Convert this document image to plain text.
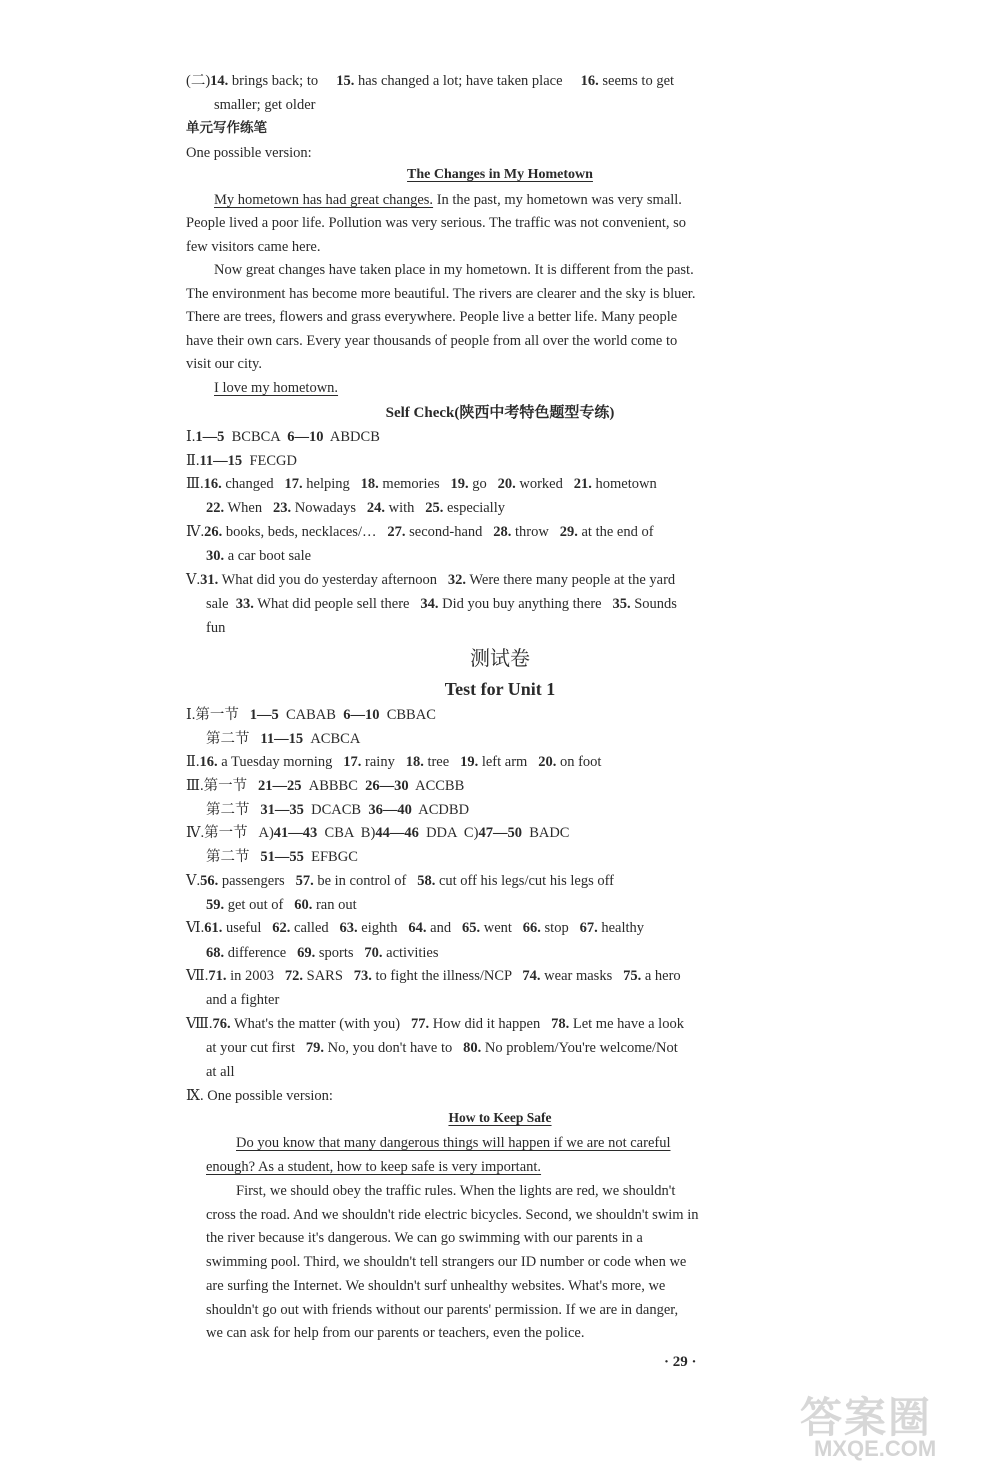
(二)14. brings back; to     15. has changed a lot; have taken place     16. seems to get
smaller; get older
单元写作练笔
One possible version:
The Changes in My Hometown
My hometown has had great changes. In the past, my hometown was very small.
People lived a poor life. Pollution was very serious. The traffic was not convenient, so
few visitors came here.
Now great changes have taken place in my hometown. It is different from the past.
The environment has become more beautiful. The rivers are clearer and the sky is bluer.
There are trees, flowers and grass everywhere. People live a better life. Many people
have their own cars. Every year thousands of people from all over the world come to
visit our city.
I love my hometown.
Self Check(陕西中考特色题型专练)
Ⅰ.1—5  BCBCA  6—10  ABDCB
Ⅱ.11—15  FECGD
Ⅲ.16. changed   17. helping   18. memories   19. go   20. worked   21. hometown
22. When   23. Nowadays   24. with   25. especially
Ⅳ.26. books, beds, necklaces/…   27. second-hand   28. throw   29. at the end of
30. a car boot sale
Ⅴ.31. What did you do yesterday afternoon   32. Were there many people at the yard
sale  33. What did people sell there   34. Did you buy anything there   35. Sounds
fun
测试卷
Test for Unit 1
Ⅰ.第一节   1—5  CABAB  6—10  CBBAC
第二节   11—15  ACBCA
Ⅱ.16. a Tuesday morning   17. rainy   18. tree   19. left arm   20. on foot
Ⅲ.第一节   21—25  ABBBC  26—30  ACCBB
第二节   31—35  DCACB  36—40  ACDBD
Ⅳ.第一节   A)41—43  CBA  B)44—46  DDA  C)47—50  BADC
第二节   51—55  EFBGC
Ⅴ.56. passengers   57. be in control of   58. cut off his legs/cut his legs off
59. get out of   60. ran out
Ⅵ.61. useful   62. called   63. eighth   64. and   65. went   66. stop   67. healthy
68. difference   69. sports   70. activities
Ⅶ.71. in 2003   72. SARS   73. to fight the illness/NCP   74. wear masks   75. a hero
and a fighter
Ⅷ.76. What's the matter (with you)   77. How did it happen   78. Let me have a look
at your cut first   79. No, you don't have to   80. No problem/You're welcome/Not
at all
Ⅸ. One possible version:
How to Keep Safe
Do you know that many dangerous things will happen if we are not careful
enough? As a student, how to keep safe is very important.
First, we should obey the traffic rules. When the lights are red, we shouldn't
cross the road. And we shouldn't ride electric bicycles. Second, we shouldn't swim in
the river because it's dangerous. We can go swimming with our parents in a
swimming pool. Third, we shouldn't tell strangers our ID number or code when we
are surfing the Internet. We shouldn't surf unhealthy websites. What's more, we
shouldn't go out with friends without our parents' permission. If we are in danger,
we can ask for help from our parents or teachers, even the police.
· 29 ·
答案圈
MXQE.COM
